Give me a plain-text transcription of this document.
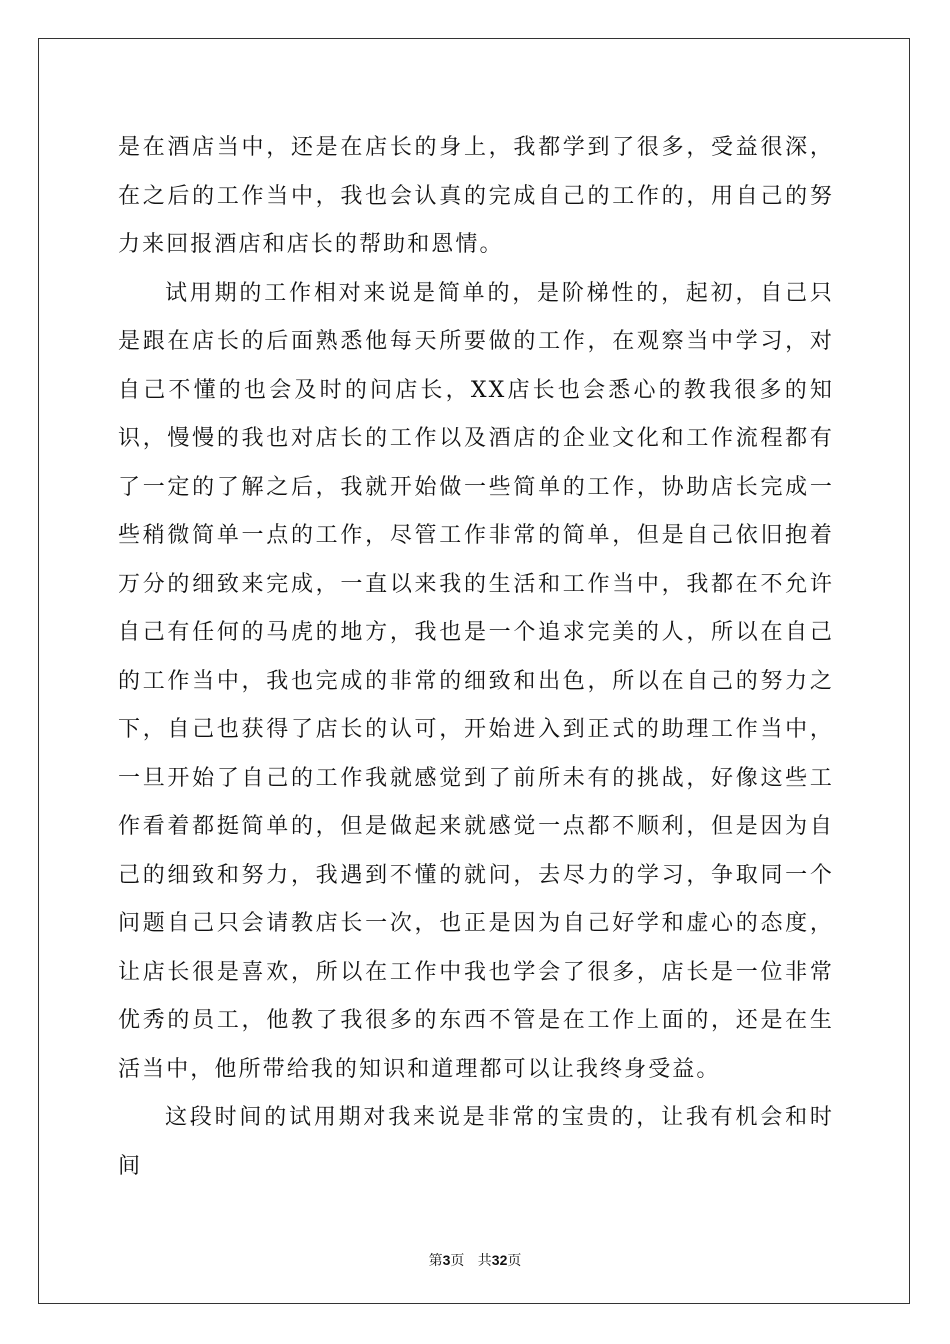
是在酒店当中，还是在店长的身上，我都学到了很多，受益很深，在之后的工作当中，我也会认真的完成自己的工作的，用自己的努力来回报酒店和店长的帮助和恩情。

试用期的工作相对来说是简单的，是阶梯性的，起初，自己只是跟在店长的后面熟悉他每天所要做的工作，在观察当中学习，对自己不懂的也会及时的问店长，XX店长也会悉心的教我很多的知识，慢慢的我也对店长的工作以及酒店的企业文化和工作流程都有了一定的了解之后，我就开始做一些简单的工作，协助店长完成一些稍微简单一点的工作，尽管工作非常的简单，但是自己依旧抱着万分的细致来完成，一直以来我的生活和工作当中，我都在不允许自己有任何的马虎的地方，我也是一个追求完美的人，所以在自己的工作当中，我也完成的非常的细致和出色，所以在自己的努力之下，自己也获得了店长的认可，开始进入到正式的助理工作当中，一旦开始了自己的工作我就感觉到了前所未有的挑战，好像这些工作看着都挺简单的，但是做起来就感觉一点都不顺利，但是因为自己的细致和努力，我遇到不懂的就问，去尽力的学习，争取同一个问题自己只会请教店长一次，也正是因为自己好学和虚心的态度，让店长很是喜欢，所以在工作中我也学会了很多，店长是一位非常优秀的员工，他教了我很多的东西不管是在工作上面的，还是在生活当中，他所带给我的知识和道理都可以让我终身受益。

这段时间的试用期对我来说是非常的宝贵的，让我有机会和时间

第3页 共32页
